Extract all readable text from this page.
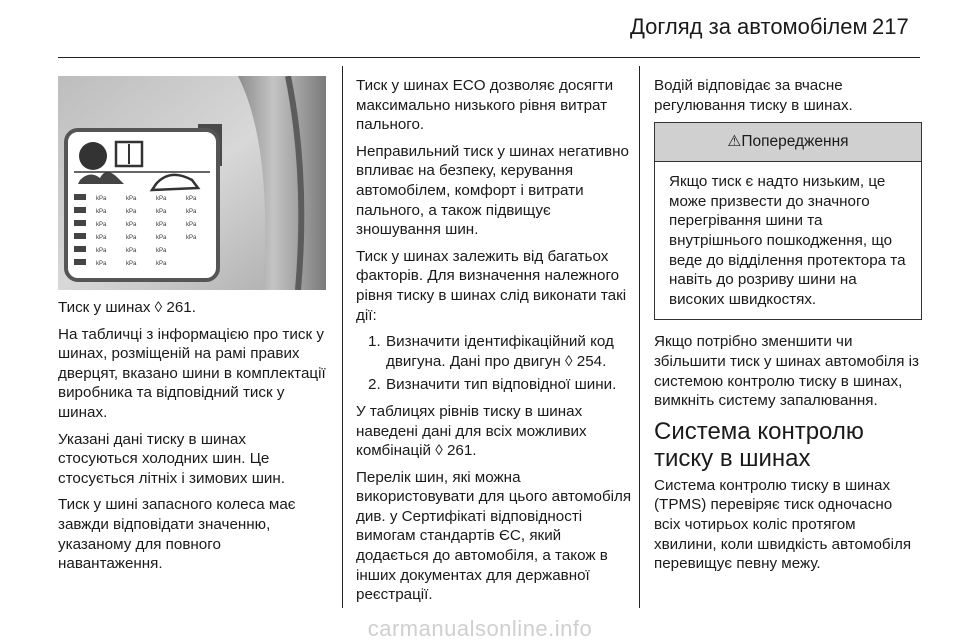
Догляд за автомобілем 217
kPa	kPa	kPa	kPa
kPa	kPa	kPa	kPa
kPa	kPa	kPa	kPa
kPa	kPa	kPa	kPa
kPa	kPa	kPa
kPa	kPa	kPa

Тиск у шинах ◊ 261.

На табличці з інформацією про тиск у шинах, розміщеній на рамі правих дверцят, вказано шини в комплектації виробника та відповідний тиск у шинах.

Указані дані тиску в шинах стосуються холодних шин. Це стосується літніх і зимових шин.

Тиск у шині запасного колеса має завжди відповідати значенню, указаному для повного навантаження.

Тиск у шинах ECO дозволяє досягти максимально низького рівня витрат пального.

Неправильний тиск у шинах негативно впливає на безпеку, керування автомобілем, комфорт і витрати пального, а також підвищує зношування шин.

Тиск у шинах залежить від багатьох факторів. Для визначення належного рівня тиску в шинах слід виконати такі дії:

1. Визначити ідентифікаційний код двигуна. Дані про двигун ◊ 254.
2. Визначити тип відповідної шини.

У таблицях рівнів тиску в шинах наведені дані для всіх можливих комбінацій ◊ 261.

Перелік шин, які можна використовувати для цього автомобіля див. у Сертифікаті відповідності вимогам стандартів ЄС, який додається до автомобіля, а також в інших документах для державної реєстрації.

Водій відповідає за вчасне регулювання тиску в шинах.

⚠Попередження
Якщо тиск є надто низьким, це може призвести до значного перегрівання шини та внутрішнього пошкодження, що веде до відділення протектора та навіть до розриву шини на високих швидкостях.

Якщо потрібно зменшити чи збільшити тиск у шинах автомобіля із системою контролю тиску в шинах, вимкніть систему запалювання.

Система контролю тиску в шинах

Система контролю тиску в шинах (TPMS) перевіряє тиск одночасно всіх чотирьох коліс протягом хвилини, коли швидкість автомобіля перевищує певну межу.

carmanualsonline.info
